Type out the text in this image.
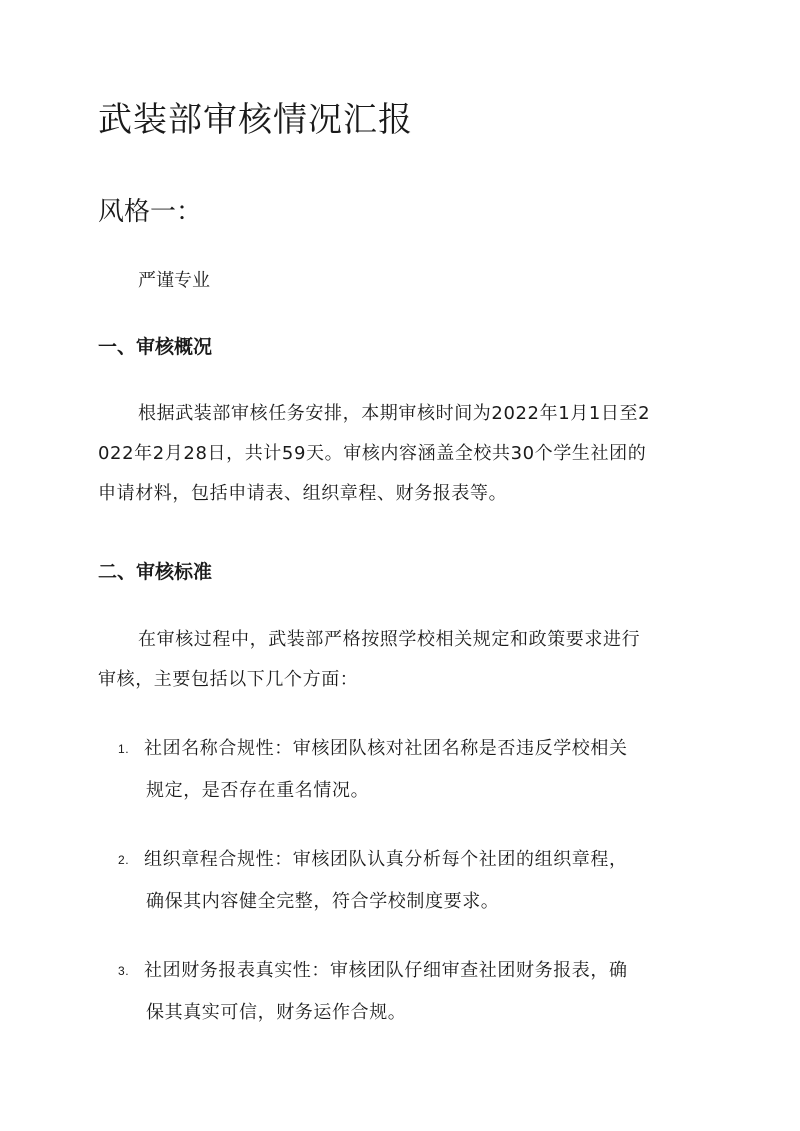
武装部审核情况汇报
风格一：
严谨专业
一、审核概况
根据武装部审核任务安排，本期审核时间为2022年1月1日至2
022年2月28日，共计59天。审核内容涵盖全校共30个学生社团的
申请材料，包括申请表、组织章程、财务报表等。
二、审核标准
在审核过程中，武装部严格按照学校相关规定和政策要求进行
审核，主要包括以下几个方面：
1. 社团名称合规性：审核团队核对社团名称是否违反学校相关
规定，是否存在重名情况。
2. 组织章程合规性：审核团队认真分析每个社团的组织章程，
确保其内容健全完整，符合学校制度要求。
3. 社团财务报表真实性：审核团队仔细审查社团财务报表，确
保其真实可信，财务运作合规。
